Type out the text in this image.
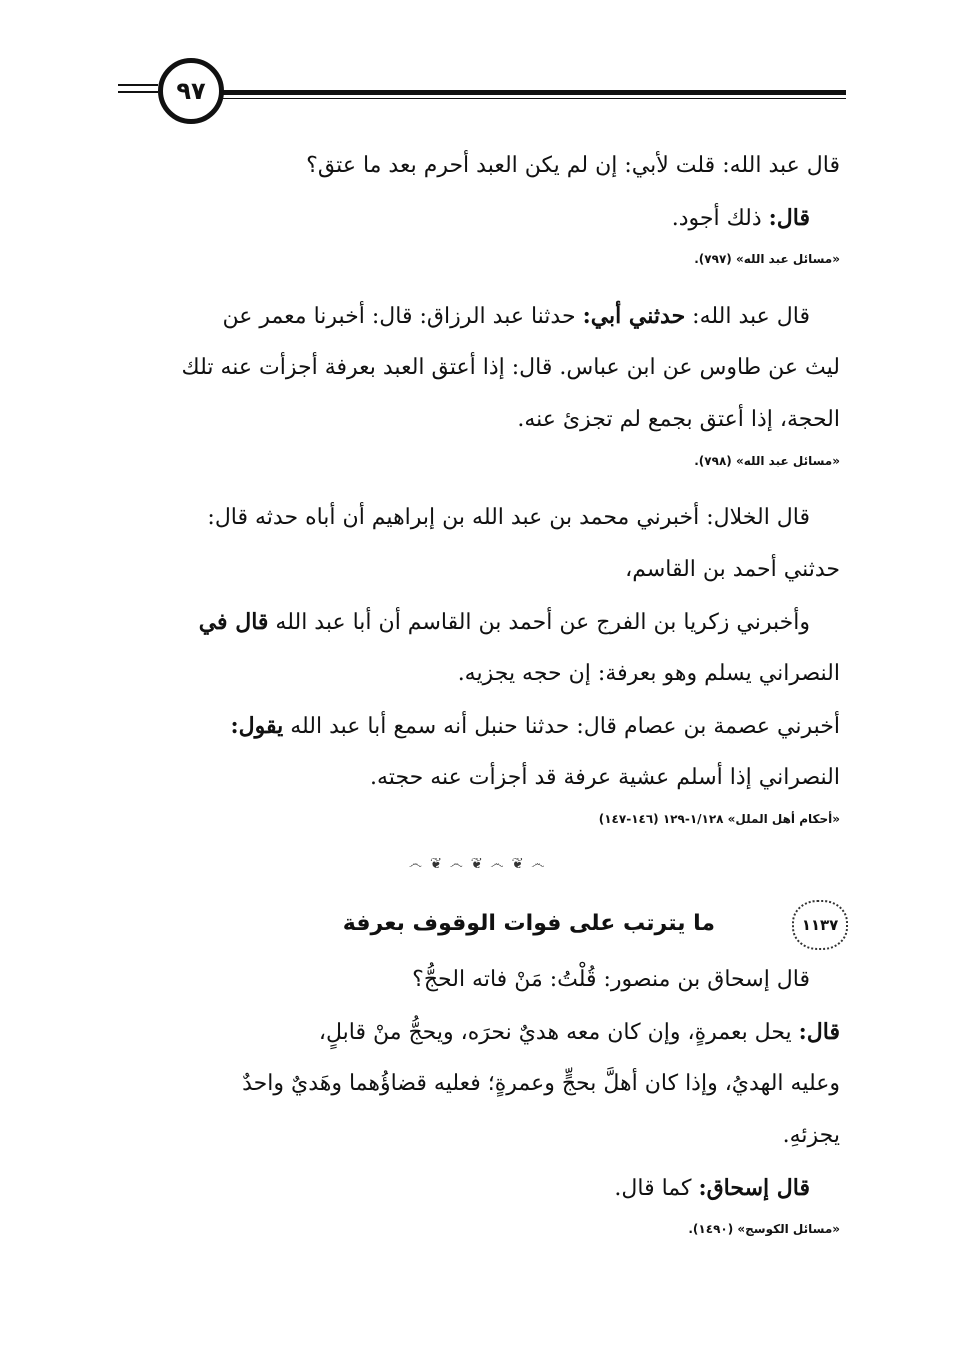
٩٧
قال عبد الله: قلت لأبي: إن لم يكن العبد أحرم بعد ما عتق؟
قال: ذلك أجود.
«مسائل عبد الله» (٧٩٧).
قال عبد الله: حدثني أبي: حدثنا عبد الرزاق: قال: أخبرنا معمر عن
ليث عن طاوس عن ابن عباس. قال: إذا أعتق العبد بعرفة أجزأت عنه تلك
الحجة، إذا أعتق بجمع لم تجزئ عنه.
«مسائل عبد الله» (٧٩٨).
قال الخلال: أخبرني محمد بن عبد الله بن إبراهيم أن أباه حدثه قال:
حدثني أحمد بن القاسم،
وأخبرني زكريا بن الفرج عن أحمد بن القاسم أن أبا عبد الله قال في
النصراني يسلم وهو بعرفة: إن حجه يجزيه.
أخبرني عصمة بن عصام قال: حدثنا حنبل أنه سمع أبا عبد الله يقول:
النصراني إذا أسلم عشية عرفة قد أجزأت عنه حجته.
«أحكام أهل الملل» ١/١٢٨-١٢٩ (١٤٦-١٤٧)
෴ ❦ ෴ ❦ ෴ ❦ ෴
١١٣٧
ما يترتب على فوات الوقوف بعرفة
قال إسحاق بن منصور: قُلْتُ: مَنْ فاته الحجُّ؟
قال: يحل بعمرةٍ، وإن كان معه هديٌ نحرَه، ويحجُّ منْ قابلٍ،
وعليه الهديُ، وإذا كان أهلَّ بحجٍّ وعمرةٍ؛ فعليه قضاؤُهما وهَديٌ واحدٌ
يجزئهِ.
قال إسحاق: كما قال.
«مسائل الكوسج» (١٤٩٠).
